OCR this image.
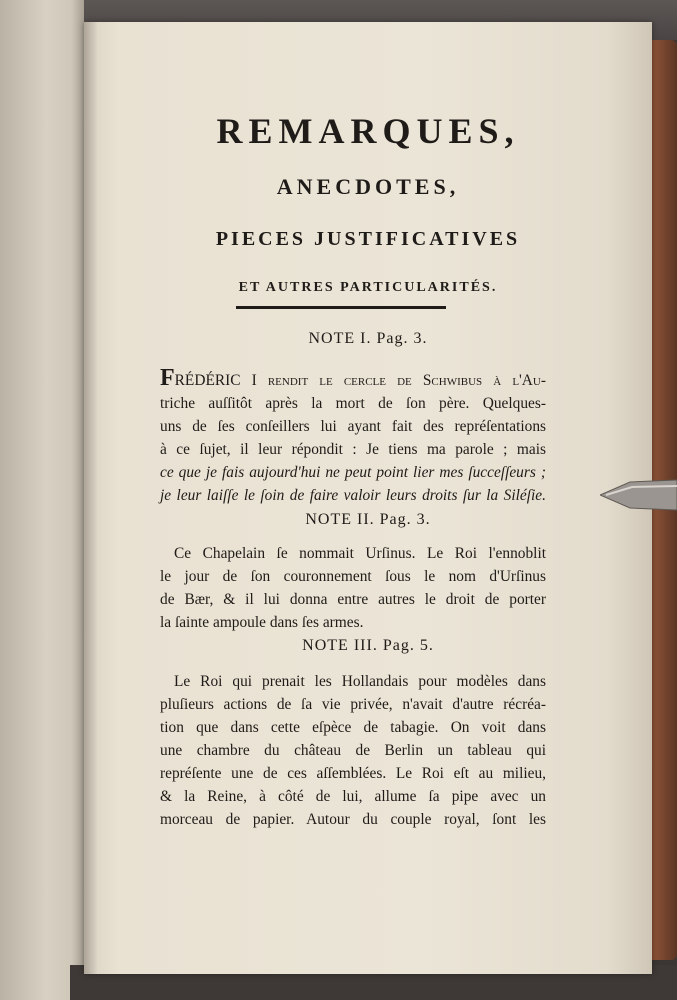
REMARQUES,
ANECDOTES,
PIECES JUSTIFICATIVES
ET AUTRES PARTICULARITÉS.
NOTE I. Pag. 3.
FRÉDÉRIC I rendit le cercle de Schwibus à l'Au-
triche auſſitôt après la mort de ſon père. Quelques-
uns de ſes conſeillers lui ayant fait des repréſentations
à ce ſujet, il leur répondit : Je tiens ma parole ; mais
ce que je fais aujourd'hui ne peut point lier mes ſucceſſeurs ;
je leur laiſſe le ſoin de faire valoir leurs droits ſur la Siléſie.
NOTE II. Pag. 3.
Ce Chapelain ſe nommait Urſinus. Le Roi l'ennoblit
le jour de ſon couronnement ſous le nom d'Urſinus
de Bær, & il lui donna entre autres le droit de porter
la ſainte ampoule dans ſes armes.
NOTE III. Pag. 5.
Le Roi qui prenait les Hollandais pour modèles dans
pluſieurs actions de ſa vie privée, n'avait d'autre récréa-
tion que dans cette eſpèce de tabagie. On voit dans
une chambre du château de Berlin un tableau qui
repréſente une de ces aſſemblées. Le Roi eſt au milieu,
& la Reine, à côté de lui, allume ſa pipe avec un
morceau de papier. Autour du couple royal, ſont les
